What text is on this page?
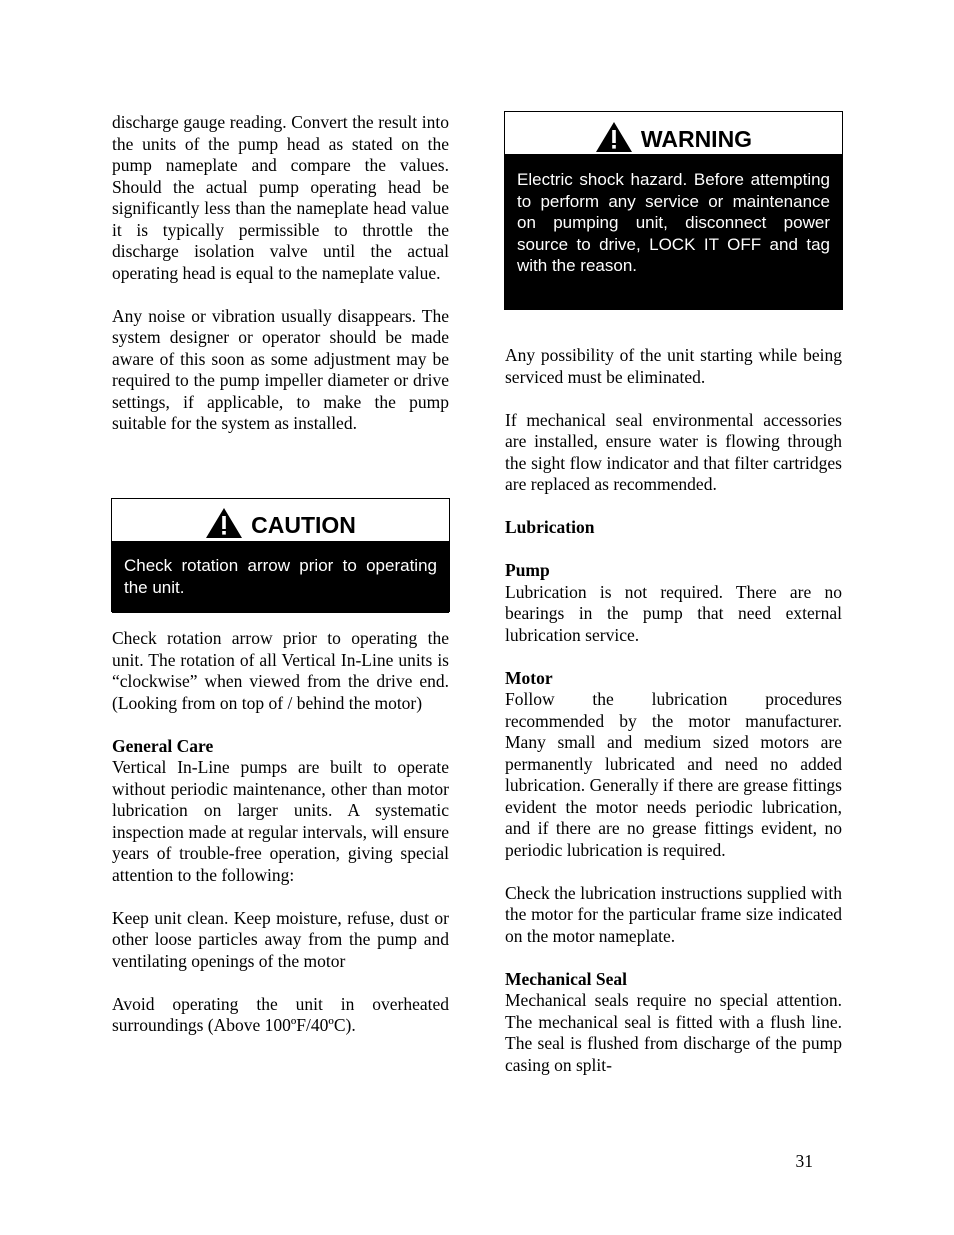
discharge gauge reading. Convert the result into the units of the pump head as stated on the pump nameplate and compare the values. Should the actual pump operating head be significantly less than the nameplate head value it is typically permissible to throttle the discharge isolation valve until the actual operating head is equal to the nameplate value.

Any noise or vibration usually disappears. The system designer or operator should be made aware of this soon as some adjustment may be required to the pump impeller diameter or drive settings, if applicable, to make the pump suitable for the system as installed.

CAUTION
Check rotation arrow prior to operating the unit.

Check rotation arrow prior to operating the unit. The rotation of all Vertical In-Line units is “clockwise” when viewed from the drive end. (Looking from on top of / behind the motor)

General Care

Vertical In-Line pumps are built to operate without periodic maintenance, other than motor lubrication on larger units. A systematic inspection made at regular intervals, will ensure years of trouble-free operation, giving special attention to the following:

Keep unit clean. Keep moisture, refuse, dust or other loose particles away from the pump and ventilating openings of the motor

Avoid operating the unit in overheated surroundings (Above 100ºF/40ºC).

WARNING
Electric shock hazard. Before attempting to perform any service or maintenance on pumping unit, disconnect power source to drive, LOCK IT OFF and tag with the reason.

Any possibility of the unit starting while being serviced must be eliminated.

If mechanical seal environmental accessories are installed, ensure water is flowing through the sight flow indicator and that filter cartridges are replaced as recommended.

Lubrication

Pump

Lubrication is not required. There are no bearings in the pump that need external lubrication service.

Motor

Follow the lubrication procedures recommended by the motor manufacturer. Many small and medium sized motors are permanently lubricated and need no added lubrication. Generally if there are grease fittings evident the motor needs periodic lubrication, and if there are no grease fittings evident, no periodic lubrication is required.

Check the lubrication instructions supplied with the motor for the particular frame size indicated on the motor nameplate.

Mechanical Seal

Mechanical seals require no special attention. The mechanical seal is fitted with a flush line. The seal is flushed from discharge of the pump casing on split-

31
